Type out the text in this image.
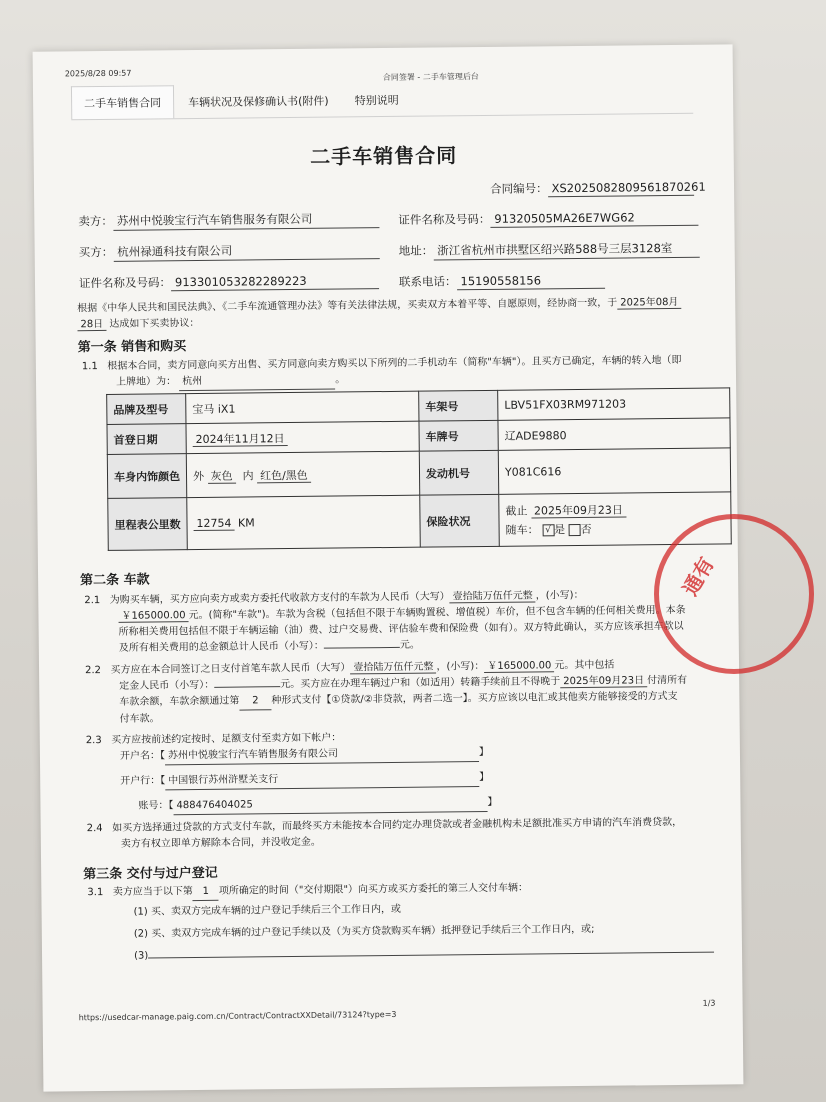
2025/8/28 09:57	合同签署 - 二手车管理后台
二手车销售合同	车辆状况及保修确认书(附件)	特别说明
二手车销售合同
合同编号： XS2025082809561870261
卖方： 苏州中悦骏宝行汽车销售服务有限公司	证件名称及号码： 91320505MA26E7WG62
买方： 杭州禄通科技有限公司	地址： 浙江省杭州市拱墅区绍兴路588号三层3128室
证件名称及号码： 913301053282289223	联系电话： 15190558156
根据《中华人民共和国民法典》、《二手车流通管理办法》等有关法律法规，买卖双方本着平等、自愿原则，经协商一致，于 2025年08月
28日 达成如下买卖协议：
第一条 销售和购买
1.1 根据本合同，卖方同意向买方出售、买方同意向卖方购买以下所列的二手机动车（简称"车辆"）。且买方已确定，车辆的转入地（即
上牌地）为： 杭州	。
品牌及型号	宝马 iX1	车架号	LBV51FX03RM971203
首登日期	2024年11月12日	车牌号	辽ADE9880
车身内饰颜色	外 灰色 内 红色/黑色	发动机号	Y081C616
里程表公里数	12754 KM	保险状况	截止 2025年09月23日
随车： √ 是 否
第二条 车款
2.1 为购买车辆，买方应向卖方或卖方委托代收款方支付的车款为人民币（大写） 壹拾陆万伍仟元整 ，(小写)：
￥165000.00 元。(简称"车款")。车款为含税（包括但不限于车辆购置税、增值税）车价，但不包含车辆的任何相关费用。本条
所称相关费用包括但不限于车辆运输（油）费、过户交易费、评估验车费和保险费（如有）。双方特此确认，买方应该承担车款以
及所有相关费用的总金额总计人民币（小写）：	元。
2.2 买方应在本合同签订之日支付首笔车款人民币（大写） 壹拾陆万伍仟元整 ，(小写)： ￥165000.00 元。其中包括
定金人民币（小写）：	元。买方应在办理车辆过户和（如适用）转籍手续前且不得晚于 2025年09月23日 付清所有
车款余额，车款余额通过第 2 种形式支付【①贷款/②非贷款，两者二选一】。买方应该以电汇或其他卖方能够接受的方式支
付车款。
2.3 买方应按前述约定按时、足额支付至卖方如下帐户：
开户名：【 苏州中悦骏宝行汽车销售服务有限公司	】
开户行：【 中国银行苏州浒墅关支行	】
账号：【 488476404025	】
2.4 如买方选择通过贷款的方式支付车款，而最终买方未能按本合同约定办理贷款或者金融机构未足额批准买方申请的汽车消费贷款，
卖方有权立即单方解除本合同，并没收定金。
第三条 交付与过户登记
3.1 卖方应当于以下第 1 项所确定的时间（"交付期限"）向买方或买方委托的第三人交付车辆：
(1) 买、卖双方完成车辆的过户登记手续后三个工作日内，或
(2) 买、卖双方完成车辆的过户登记手续以及（为买方贷款购买车辆）抵押登记手续后三个工作日内，或;
(3)
https://usedcar-manage.paig.com.cn/Contract/ContractXXDetail/73124?type=3
1/3
通有
